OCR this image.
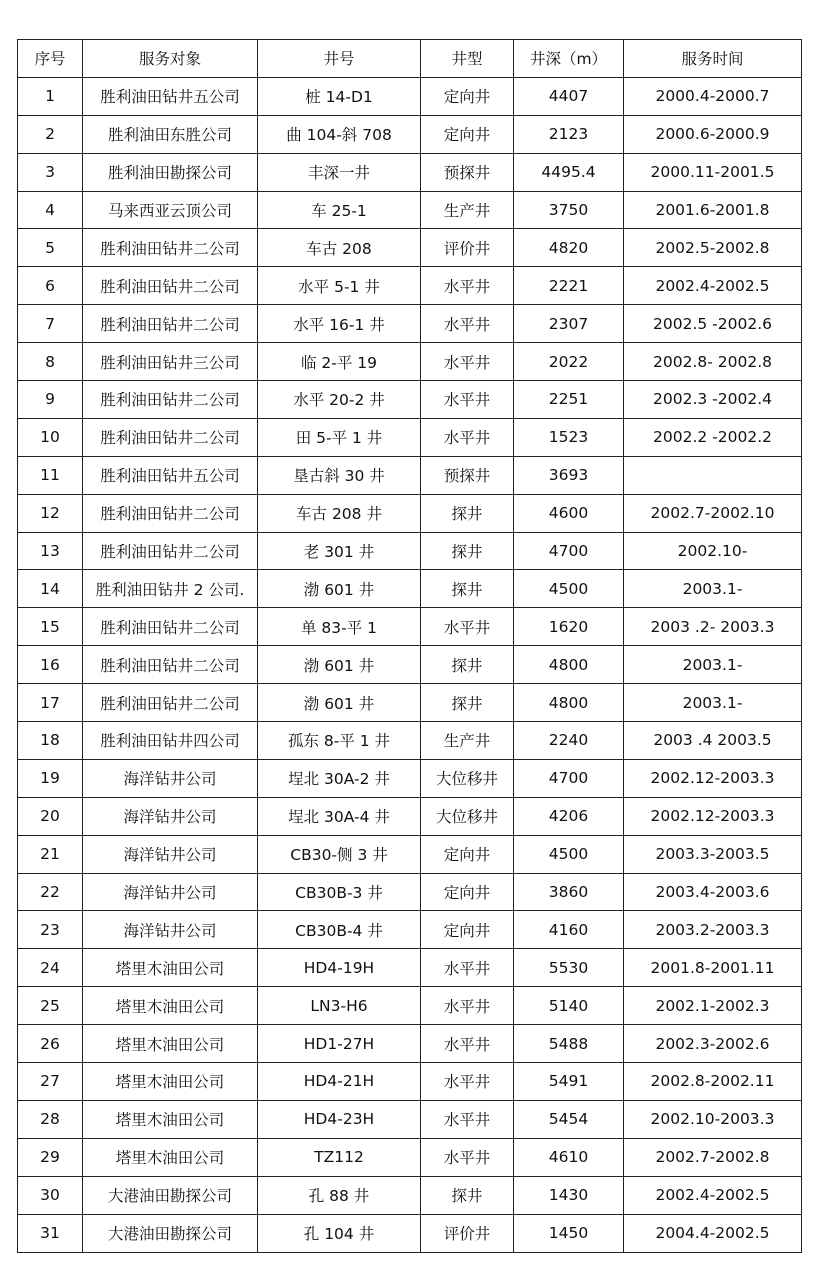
序号	服务对象	井号	井型	井深（m）	服务时间
1	胜利油田钻井五公司	桩 14-D1	定向井	4407	2000.4-2000.7
2	胜利油田东胜公司	曲 104-斜 708	定向井	2123	2000.6-2000.9
3	胜利油田勘探公司	丰深一井	预探井	4495.4	2000.11-2001.5
4	马来西亚云顶公司	车 25-1	生产井	3750	2001.6-2001.8
5	胜利油田钻井二公司	车古 208	评价井	4820	2002.5-2002.8
6	胜利油田钻井二公司	水平 5-1 井	水平井	2221	2002.4-2002.5
7	胜利油田钻井二公司	水平 16-1 井	水平井	2307	2002.5 -2002.6
8	胜利油田钻井三公司	临 2-平 19	水平井	2022	2002.8- 2002.8
9	胜利油田钻井二公司	水平 20-2 井	水平井	2251	2002.3 -2002.4
10	胜利油田钻井二公司	田 5-平 1 井	水平井	1523	2002.2 -2002.2
11	胜利油田钻井五公司	垦古斜 30 井	预探井	3693	
12	胜利油田钻井二公司	车古 208 井	探井	4600	2002.7-2002.10
13	胜利油田钻井二公司	老 301 井	探井	4700	2002.10-
14	胜利油田钻井 2 公司.	渤 601 井	探井	4500	2003.1-
15	胜利油田钻井二公司	单 83-平 1	水平井	1620	2003 .2- 2003.3
16	胜利油田钻井二公司	渤 601 井	探井	4800	2003.1-
17	胜利油田钻井二公司	渤 601 井	探井	4800	2003.1-
18	胜利油田钻井四公司	孤东 8-平 1 井	生产井	2240	2003 .4 2003.5
19	海洋钻井公司	埕北 30A-2 井	大位移井	4700	2002.12-2003.3
20	海洋钻井公司	埕北 30A-4 井	大位移井	4206	2002.12-2003.3
21	海洋钻井公司	CB30-侧 3 井	定向井	4500	2003.3-2003.5
22	海洋钻井公司	CB30B-3 井	定向井	3860	2003.4-2003.6
23	海洋钻井公司	CB30B-4 井	定向井	4160	2003.2-2003.3
24	塔里木油田公司	HD4-19H	水平井	5530	2001.8-2001.11
25	塔里木油田公司	LN3-H6	水平井	5140	2002.1-2002.3
26	塔里木油田公司	HD1-27H	水平井	5488	2002.3-2002.6
27	塔里木油田公司	HD4-21H	水平井	5491	2002.8-2002.11
28	塔里木油田公司	HD4-23H	水平井	5454	2002.10-2003.3
29	塔里木油田公司	TZ112	水平井	4610	2002.7-2002.8
30	大港油田勘探公司	孔 88 井	探井	1430	2002.4-2002.5
31	大港油田勘探公司	孔 104 井	评价井	1450	2004.4-2002.5
